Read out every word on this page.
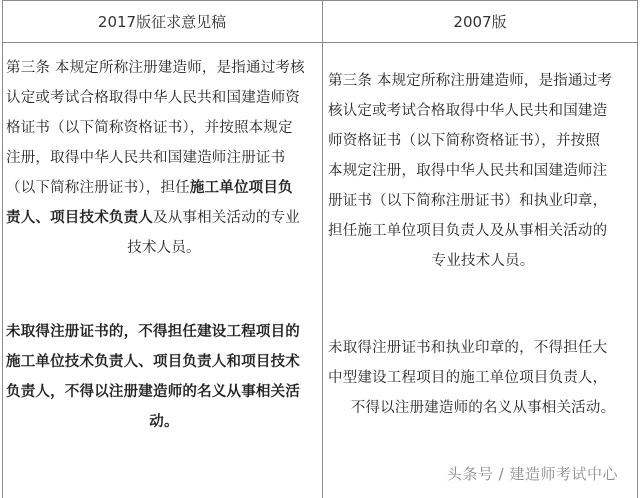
2017版征求意见稿	2007版
第三条 本规定所称注册建造师，是指通过考核
认定或考试合格取得中华人民共和国建造师资
格证书（以下简称资格证书），并按照本规定
注册，取得中华人民共和国建造师注册证书
（以下简称注册证书），担任施工单位项目负
责人、项目技术负责人及从事相关活动的专业
技术人员。
第三条 本规定所称注册建造师，是指通过考
核认定或考试合格取得中华人民共和国建造
师资格证书（以下简称资格证书），并按照
本规定注册，取得中华人民共和国建造师注
册证书（以下简称注册证书）和执业印章，
担任施工单位项目负责人及从事相关活动的
专业技术人员。
未取得注册证书的，不得担任建设工程项目的
施工单位技术负责人、项目负责人和项目技术
负责人，不得以注册建造师的名义从事相关活
动。
未取得注册证书和执业印章的，不得担任大
中型建设工程项目的施工单位项目负责人，
不得以注册建造师的名义从事相关活动。
头条号 / 建造师考试中心
